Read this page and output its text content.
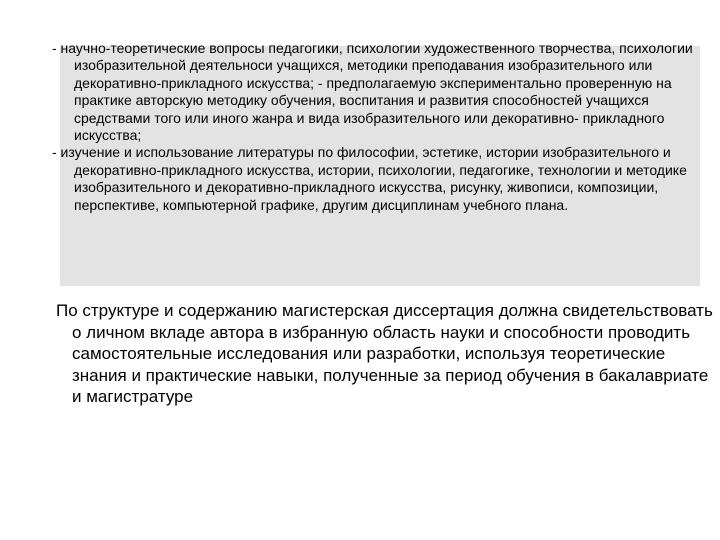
- научно-теоретические вопросы педагогики, психологии художественного творчества, психологии изобразительной деятельноси учащихся, методики преподавания изобразительного или декоративно-прикладного искусства; - предполагаемую экспериментально проверенную на практике авторскую методику обучения, воспитания и развития способностей учащихся средствами того или иного жанра и вида изобразительного или декоративно- прикладного искусства;
- изучение и использование литературы по философии, эстетике, истории изобразительного и декоративно-прикладного искусства, истории, психологии, педагогике, технологии и методике изобразительного и декоративно-прикладного искусства, рисунку, живописи, композиции, перспективе, компьютерной графике, другим дисциплинам учебного плана.

По структуре и содержанию магистерская диссертация должна свидетельствовать о личном вкладе автора в избранную область науки и способности проводить самостоятельные исследования или разработки, используя теоретические знания и практические навыки, полученные за период обучения в бакалавриате и магистратуре
